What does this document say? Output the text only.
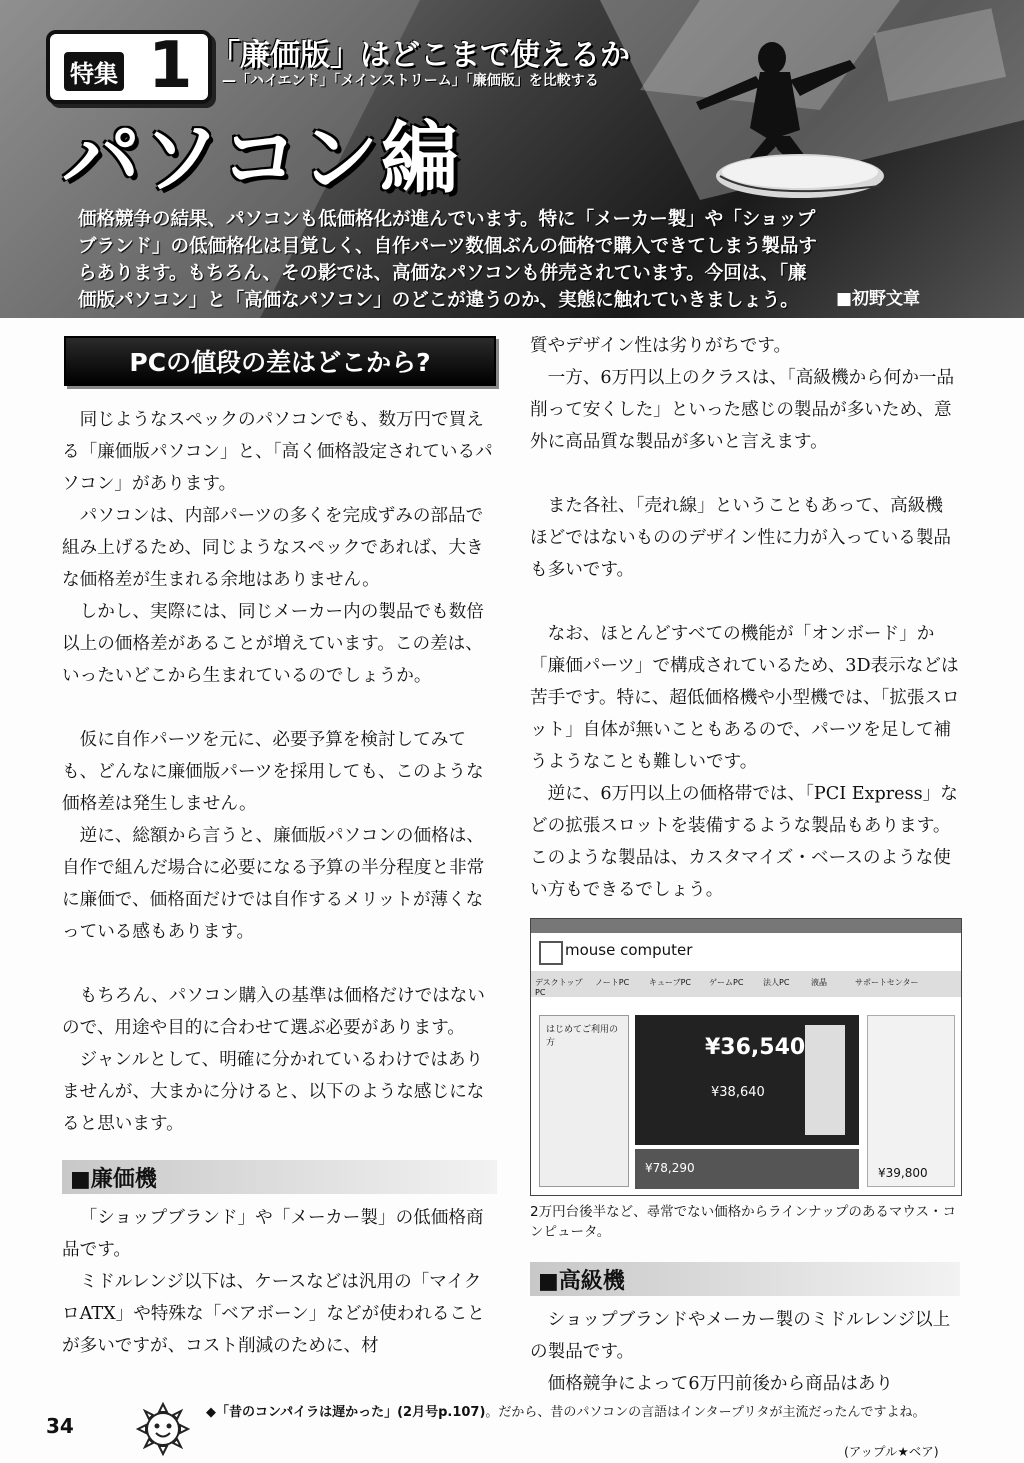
特集 1 「廉価版」はどこまで使えるか
—「ハイエンド」「メインストリーム」「廉価版」を比較する
パソコン編
価格競争の結果、パソコンも低価格化が進んでいます。特に「メーカー製」や「ショップブランド」の低価格化は目覚しく、自作パーツ数個ぶんの価格で購入できてしまう製品すらあります。もちろん、その影では、高価なパソコンも併売されています。今回は、「廉価版パソコン」と「高価なパソコン」のどこが違うのか、実態に触れていきましょう。	■初野文章
PCの値段の差はどこから?

同じようなスペックのパソコンでも、数万円で買える「廉価版パソコン」と、「高く価格設定されているパソコン」があります。

パソコンは、内部パーツの多くを完成ずみの部品で組み上げるため、同じようなスペックであれば、大きな価格差が生まれる余地はありません。

しかし、実際には、同じメーカー内の製品でも数倍以上の価格差があることが増えています。この差は、いったいどこから生まれているのでしょうか。

仮に自作パーツを元に、必要予算を検討してみても、どんなに廉価版パーツを採用しても、このような価格差は発生しません。

逆に、総額から言うと、廉価版パソコンの価格は、自作で組んだ場合に必要になる予算の半分程度と非常に廉価で、価格面だけでは自作するメリットが薄くなっている感もあります。

もちろん、パソコン購入の基準は価格だけではないので、用途や目的に合わせて選ぶ必要があります。

ジャンルとして、明確に分かれているわけではありませんが、大まかに分けると、以下のような感じになると思います。

■廉価機

「ショップブランド」や「メーカー製」の低価格商品です。

ミドルレンジ以下は、ケースなどは汎用の「マイクロATX」や特殊な「ベアボーン」などが使われることが多いですが、コスト削減のために、材

質やデザイン性は劣りがちです。

一方、6万円以上のクラスは、「高級機から何か一品削って安くした」といった感じの製品が多いため、意外に高品質な製品が多いと言えます。

また各社、「売れ線」ということもあって、高級機ほどではないもののデザイン性に力が入っている製品も多いです。

なお、ほとんどすべての機能が「オンボード」か「廉価パーツ」で構成されているため、3D表示などは苦手です。特に、超低価格機や小型機では、「拡張スロット」自体が無いこともあるので、パーツを足して補うようなことも難しいです。

逆に、6万円以上の価格帯では、「PCI Express」などの拡張スロットを装備するような製品もあります。このような製品は、カスタマイズ・ベースのような使い方もできるでしょう。

mouse computer
デスクトップPC
ノートPC	キューブPC	ゲームPC	法人PC	液晶	サポートセンター
はじめてご利用の方	¥36,540
¥38,640
¥78,290	¥39,800
2万円台後半など、尋常でない価格からラインナップのあるマウス・コンピュータ。
■高級機

ショップブランドやメーカー製のミドルレンジ以上の製品です。

価格競争によって6万円前後から商品はあり

34
◆「昔のコンパイラは遅かった」(2月号p.107)。だから、昔のパソコンの言語はインタープリタが主流だったんですよね。
(アップル★ベア)
